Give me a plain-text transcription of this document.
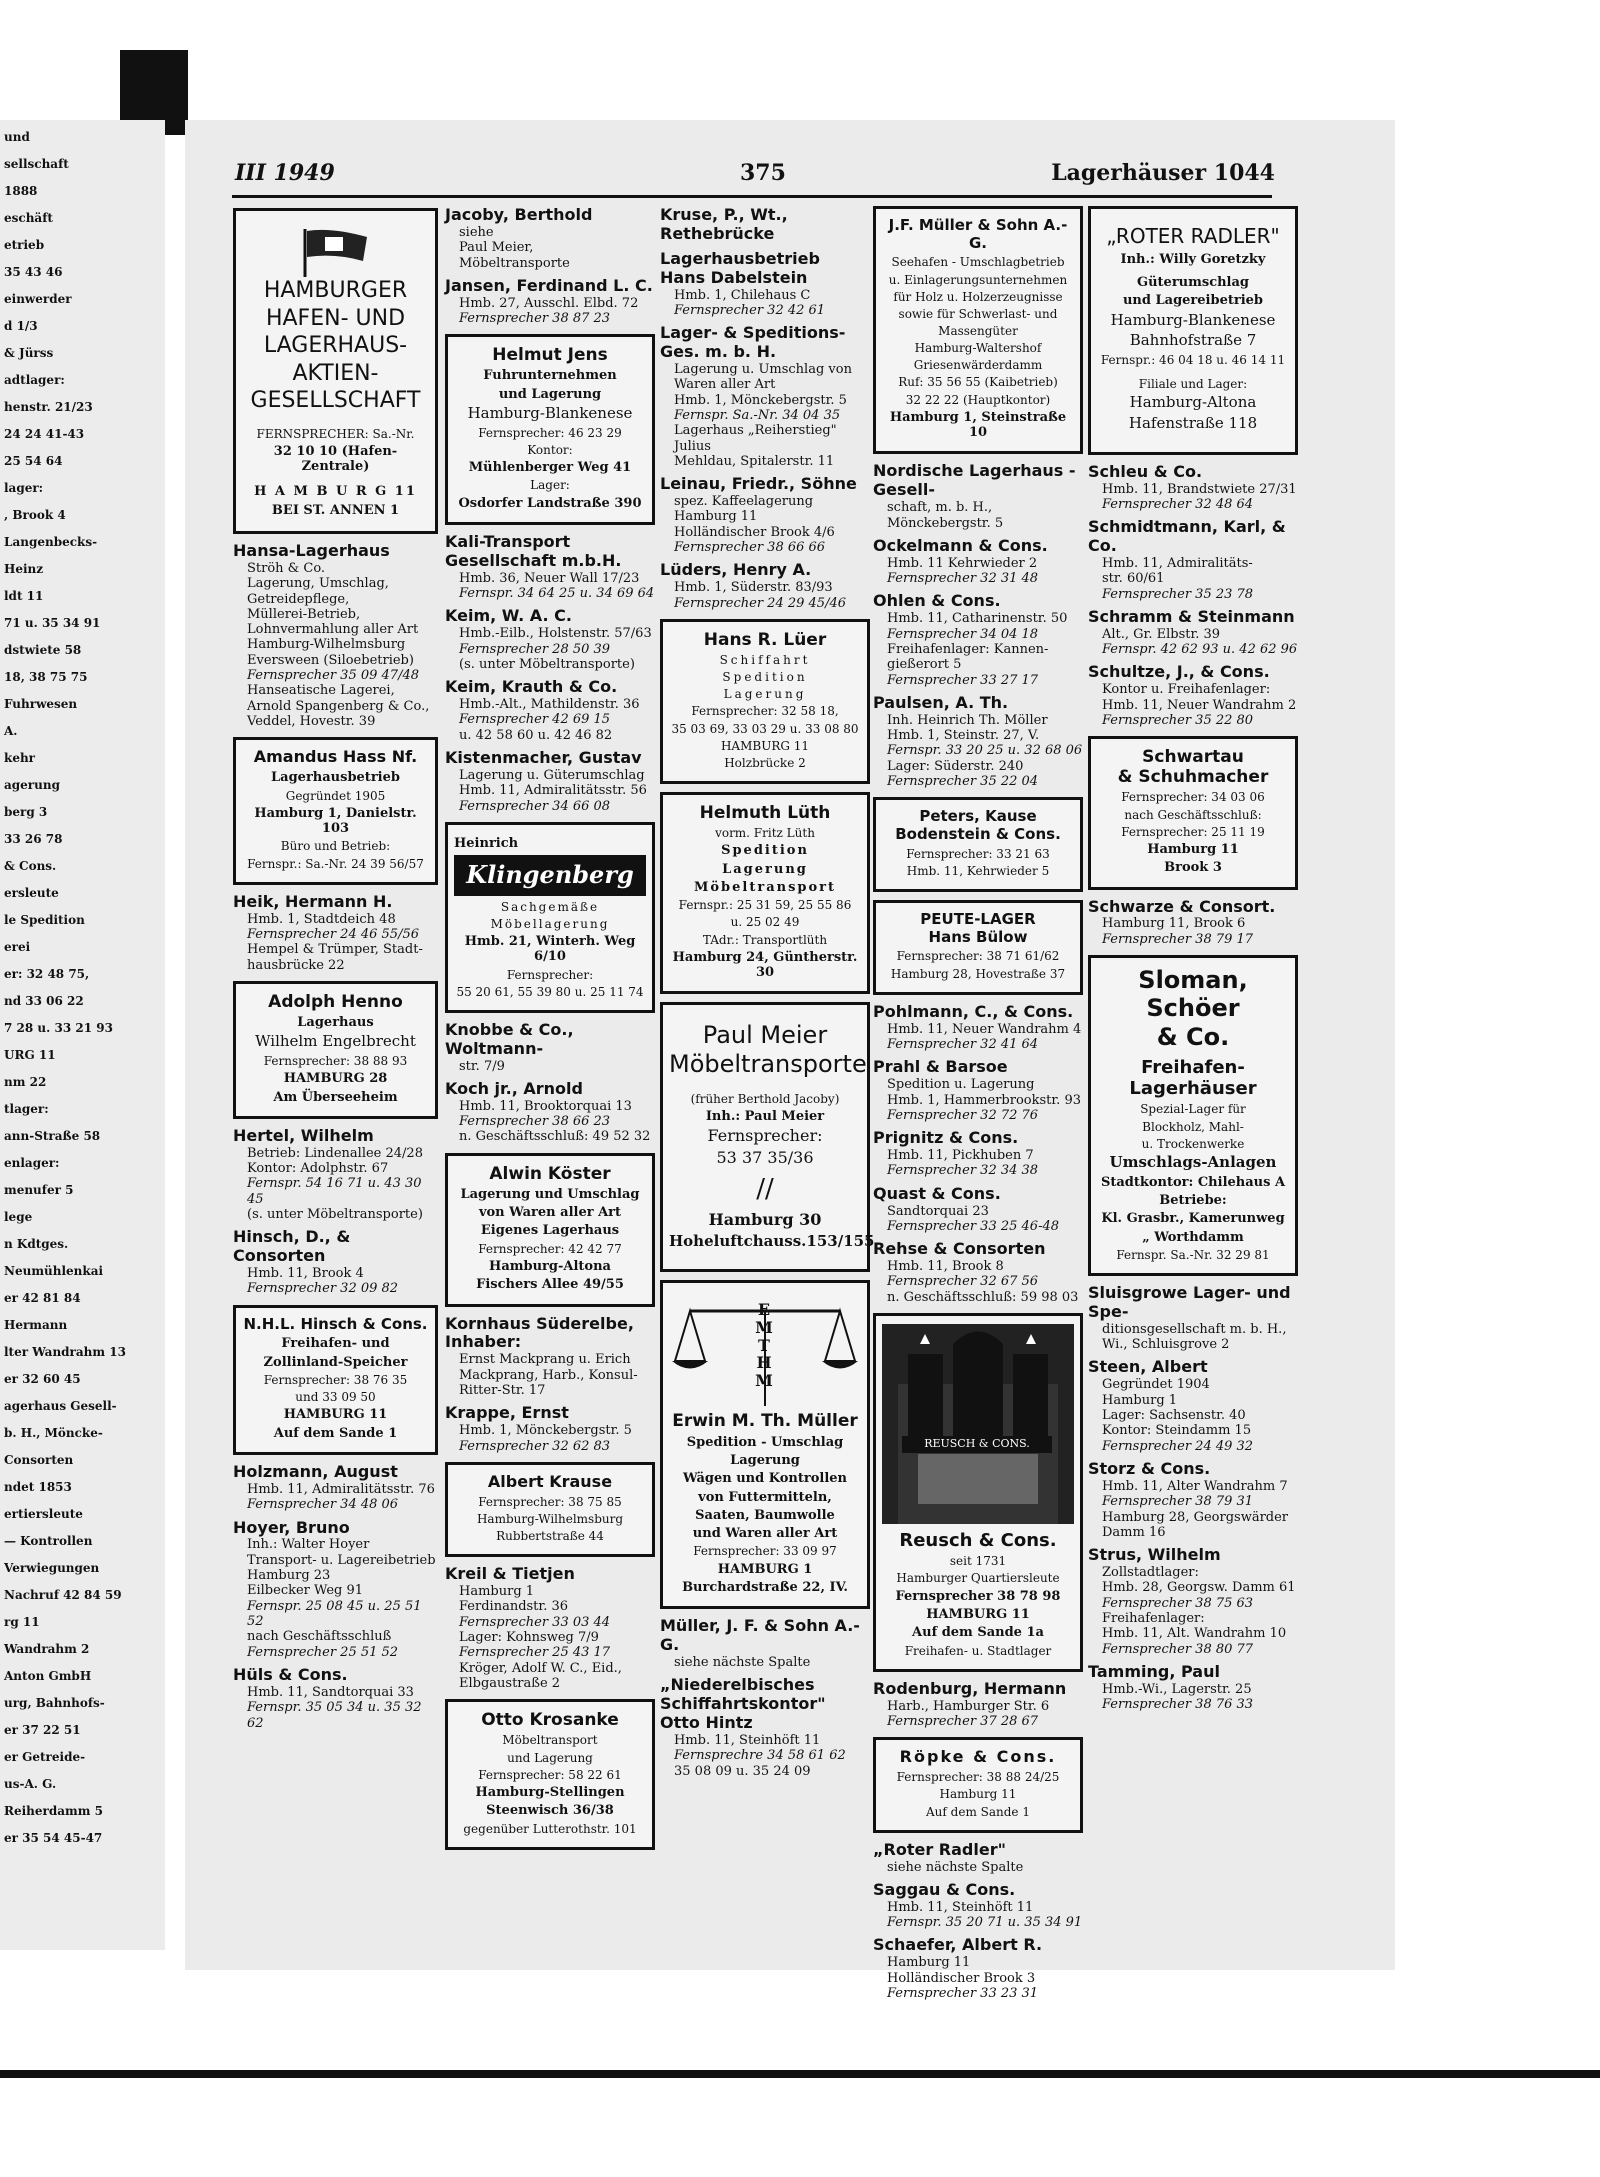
und
sellschaft
1888
eschäft
etrieb
35 43 46
einwerder
d 1/3
& Jürss
adtlager:
henstr. 21/23
24 24 41-43
25 54 64
lager:
, Brook 4
Langenbecks-
Heinz
ldt 11
71 u. 35 34 91
dstwiete 58
18, 38 75 75
Fuhrwesen
A.
kehr
agerung
berg 3
33 26 78
& Cons.
ersleute
le Spedition
erei
er: 32 48 75,
nd 33 06 22
7 28 u. 33 21 93
URG 11
nm 22
tlager:
ann-Straße 58
enlager:
menufer 5
lege
n Kdtges.
Neumühlenkai
er 42 81 84
Hermann
lter Wandrahm 13
er 32 60 45
agerhaus Gesell-
b. H., Möncke-
Consorten
ndet 1853
ertiersleute
— Kontrollen
Verwiegungen
Nachruf 42 84 59
rg 11
Wandrahm 2
Anton GmbH
urg, Bahnhofs-
er 37 22 51
er Getreide-
us-A. G.
Reiherdamm 5
er 35 54 45-47
III 1949	375	Lagerhäuser 1044
HAMBURGER
HAFEN- UND
LAGERHAUS-
AKTIEN-
GESELLSCHAFT
FERNSPRECHER: Sa.-Nr.
32 10 10 (Hafen-Zentrale)
H A M B U R G 11
BEI ST. ANNEN 1
Hansa-Lagerhaus
Ströh & Co.
Lagerung, Umschlag,
Getreidepflege,
Müllerei-Betrieb,
Lohnvermahlung aller Art
Hamburg-Wilhelmsburg
Eversween (Siloebetrieb)
Fernsprecher 35 09 47/48
Hanseatische Lagerei,
Arnold Spangenberg & Co.,
Veddel, Hovestr. 39
Amandus Hass Nf.
Lagerhausbetrieb
Gegründet 1905
Hamburg 1, Danielstr. 103
Büro und Betrieb:
Fernspr.: Sa.-Nr. 24 39 56/57
Heik, Hermann H.
Hmb. 1, Stadtdeich 48
Fernsprecher 24 46 55/56
Hempel & Trümper, Stadt-
hausbrücke 22
Adolph Henno
Lagerhaus
Wilhelm Engelbrecht
Fernsprecher: 38 88 93
HAMBURG 28
Am Überseeheim
Hertel, Wilhelm
Betrieb: Lindenallee 24/28
Kontor: Adolphstr. 67
Fernspr. 54 16 71 u. 43 30 45
(s. unter Möbeltransporte)
Hinsch, D., & Consorten
Hmb. 11, Brook 4
Fernsprecher 32 09 82
N.H.L. Hinsch & Cons.
Freihafen- und
Zollinland-Speicher
Fernsprecher: 38 76 35
und 33 09 50
HAMBURG 11
Auf dem Sande 1
Holzmann, August
Hmb. 11, Admiralitätsstr. 76
Fernsprecher 34 48 06
Hoyer, Bruno
Inh.: Walter Hoyer
Transport- u. Lagereibetrieb
Hamburg 23
Eilbecker Weg 91
Fernspr. 25 08 45 u. 25 51 52
nach Geschäftsschluß
Fernsprecher 25 51 52
Hüls & Cons.
Hmb. 11, Sandtorquai 33
Fernspr. 35 05 34 u. 35 32 62
Jacoby, Berthold
siehe
Paul Meier,
Möbeltransporte
Jansen, Ferdinand L. C.
Hmb. 27, Ausschl. Elbd. 72
Fernsprecher 38 87 23
Helmut Jens
Fuhrunternehmen
und Lagerung
Hamburg-Blankenese
Fernsprecher: 46 23 29
Kontor:
Mühlenberger Weg 41
Lager:
Osdorfer Landstraße 390
Kali-Transport Gesellschaft m.b.H.
Hmb. 36, Neuer Wall 17/23
Fernspr. 34 64 25 u. 34 69 64
Keim, W. A. C.
Hmb.-Eilb., Holstenstr. 57/63
Fernsprecher 28 50 39
(s. unter Möbeltransporte)
Keim, Krauth & Co.
Hmb.-Alt., Mathildenstr. 36
Fernsprecher 42 69 15
u. 42 58 60 u. 42 46 82
Kistenmacher, Gustav
Lagerung u. Güterumschlag
Hmb. 11, Admiralitätsstr. 56
Fernsprecher 34 66 08
Heinrich
Klingenberg
Sachgemäße
Möbellagerung
Hmb. 21, Winterh. Weg 6/10
Fernsprecher:
55 20 61, 55 39 80 u. 25 11 74
Knobbe & Co., Woltmann-
str. 7/9
Koch jr., Arnold
Hmb. 11, Brooktorquai 13
Fernsprecher 38 66 23
n. Geschäftsschluß: 49 52 32
Alwin Köster
Lagerung und Umschlag
von Waren aller Art
Eigenes Lagerhaus
Fernsprecher: 42 42 77
Hamburg-Altona
Fischers Allee 49/55
Kornhaus Süderelbe, Inhaber:
Ernst Mackprang u. Erich
Mackprang, Harb., Konsul-
Ritter-Str. 17
Krappe, Ernst
Hmb. 1, Mönckebergstr. 5
Fernsprecher 32 62 83
Albert Krause
Fernsprecher: 38 75 85
Hamburg-Wilhelmsburg
Rubbertstraße 44
Kreil & Tietjen
Hamburg 1
Ferdinandstr. 36
Fernsprecher 33 03 44
Lager: Kohnsweg 7/9
Fernsprecher 25 43 17
Kröger, Adolf W. C., Eid.,
Elbgaustraße 2
Otto Krosanke
Möbeltransport
und Lagerung
Fernsprecher: 58 22 61
Hamburg-Stellingen
Steenwisch 36/38
gegenüber Lutterothstr. 101
Kruse, P., Wt., Rethebrücke
Lagerhausbetrieb Hans Dabelstein
Hmb. 1, Chilehaus C
Fernsprecher 32 42 61
Lager- & Speditions-Ges. m. b. H.
Lagerung u. Umschlag von
Waren aller Art
Hmb. 1, Mönckebergstr. 5
Fernspr. Sa.-Nr. 34 04 35
Lagerhaus „Reiherstieg" Julius
Mehldau, Spitalerstr. 11
Leinau, Friedr., Söhne
spez. Kaffeelagerung
Hamburg 11
Holländischer Brook 4/6
Fernsprecher 38 66 66
Lüders, Henry A.
Hmb. 1, Süderstr. 83/93
Fernsprecher 24 29 45/46
Hans R. Lüer
Schiffahrt
Spedition
Lagerung
Fernsprecher: 32 58 18,
35 03 69, 33 03 29 u. 33 08 80
HAMBURG 11
Holzbrücke 2
Helmuth Lüth
vorm. Fritz Lüth
Spedition
Lagerung
Möbeltransport
Fernspr.: 25 31 59, 25 55 86
u. 25 02 49
TAdr.: Transportlüth
Hamburg 24, Güntherstr. 30
Paul Meier
Möbeltransporte
(früher Berthold Jacoby)
Inh.: Paul Meier
Fernsprecher:
53 37 35/36
//
Hamburg 30
Hoheluftchauss.153/155
EMTHM
Erwin M. Th. Müller
Spedition - Umschlag
Lagerung
Wägen und Kontrollen
von Futtermitteln,
Saaten, Baumwolle
und Waren aller Art
Fernsprecher: 33 09 97
HAMBURG 1
Burchardstraße 22, IV.
Müller, J. F. & Sohn A.-G.
siehe nächste Spalte
„Niederelbisches Schiffahrtskontor" Otto Hintz
Hmb. 11, Steinhöft 11
Fernsprechre 34 58 61 62
35 08 09 u. 35 24 09
J.F. Müller & Sohn A.-G.
Seehafen - Umschlagbetrieb
u. Einlagerungsunternehmen
für Holz u. Holzerzeugnisse
sowie für Schwerlast- und
Massengüter
Hamburg-Waltershof
Griesenwärderdamm
Ruf: 35 56 55 (Kaibetrieb)
32 22 22 (Hauptkontor)
Hamburg 1, Steinstraße 10
Nordische Lagerhaus - Gesell-
schaft, m. b. H.,
Mönckebergstr. 5
Ockelmann & Cons.
Hmb. 11 Kehrwieder 2
Fernsprecher 32 31 48
Ohlen & Cons.
Hmb. 11, Catharinenstr. 50
Fernsprecher 34 04 18
Freihafenlager: Kannen-
gießerort 5
Fernsprecher 33 27 17
Paulsen, A. Th.
Inh. Heinrich Th. Möller
Hmb. 1, Steinstr. 27, V.
Fernspr. 33 20 25 u. 32 68 06
Lager: Süderstr. 240
Fernsprecher 35 22 04
Peters, Kause
Bodenstein & Cons.
Fernsprecher: 33 21 63
Hmb. 11, Kehrwieder 5
PEUTE-LAGER
Hans Bülow
Fernsprecher: 38 71 61/62
Hamburg 28, Hovestraße 37
Pohlmann, C., & Cons.
Hmb. 11, Neuer Wandrahm 4
Fernsprecher 32 41 64
Prahl & Barsoe
Spedition u. Lagerung
Hmb. 1, Hammerbrookstr. 93
Fernsprecher 32 72 76
Prignitz & Cons.
Hmb. 11, Pickhuben 7
Fernsprecher 32 34 38
Quast & Cons.
Sandtorquai 23
Fernsprecher 33 25 46-48
Rehse & Consorten
Hmb. 11, Brook 8
Fernsprecher 32 67 56
n. Geschäftsschluß: 59 98 03
REUSCH & CONS.
Reusch & Cons.
seit 1731
Hamburger Quartiersleute
Fernsprecher 38 78 98
HAMBURG 11
Auf dem Sande 1a
Freihafen- u. Stadtlager
Rodenburg, Hermann
Harb., Hamburger Str. 6
Fernsprecher 37 28 67
Röpke & Cons.
Fernsprecher: 38 88 24/25
Hamburg 11
Auf dem Sande 1
„Roter Radler"
siehe nächste Spalte
Saggau & Cons.
Hmb. 11, Steinhöft 11
Fernspr. 35 20 71 u. 35 34 91
Schaefer, Albert R.
Hamburg 11
Holländischer Brook 3
Fernsprecher 33 23 31
„ROTER RADLER"
Inh.: Willy Goretzky
Güterumschlag
und Lagereibetrieb
Hamburg-Blankenese
Bahnhofstraße 7
Fernspr.: 46 04 18 u. 46 14 11
Filiale und Lager:
Hamburg-Altona
Hafenstraße 118
Schleu & Co.
Hmb. 11, Brandstwiete 27/31
Fernsprecher 32 48 64
Schmidtmann, Karl, & Co.
Hmb. 11, Admiralitäts-
str. 60/61
Fernsprecher 35 23 78
Schramm & Steinmann
Alt., Gr. Elbstr. 39
Fernspr. 42 62 93 u. 42 62 96
Schultze, J., & Cons.
Kontor u. Freihafenlager:
Hmb. 11, Neuer Wandrahm 2
Fernsprecher 35 22 80
Schwartau
& Schuhmacher
Fernsprecher: 34 03 06
nach Geschäftsschluß:
Fernsprecher: 25 11 19
Hamburg 11
Brook 3
Schwarze & Consort.
Hamburg 11, Brook 6
Fernsprecher 38 79 17
Sloman, Schöer
& Co.
Freihafen-Lagerhäuser
Spezial-Lager für
Blockholz, Mahl-
u. Trockenwerke
Umschlags-Anlagen
Stadtkontor: Chilehaus A
Betriebe:
Kl. Grasbr., Kamerunweg
„ Worthdamm
Fernspr. Sa.-Nr. 32 29 81
Sluisgrowe Lager- und Spe-
ditionsgesellschaft m. b. H.,
Wi., Schluisgrove 2
Steen, Albert
Gegründet 1904
Hamburg 1
Lager: Sachsenstr. 40
Kontor: Steindamm 15
Fernsprecher 24 49 32
Storz & Cons.
Hmb. 11, Alter Wandrahm 7
Fernsprecher 38 79 31
Hamburg 28, Georgswärder
Damm 16
Strus, Wilhelm
Zollstadtlager:
Hmb. 28, Georgsw. Damm 61
Fernsprecher 38 75 63
Freihafenlager:
Hmb. 11, Alt. Wandrahm 10
Fernsprecher 38 80 77
Tamming, Paul
Hmb.-Wi., Lagerstr. 25
Fernsprecher 38 76 33
